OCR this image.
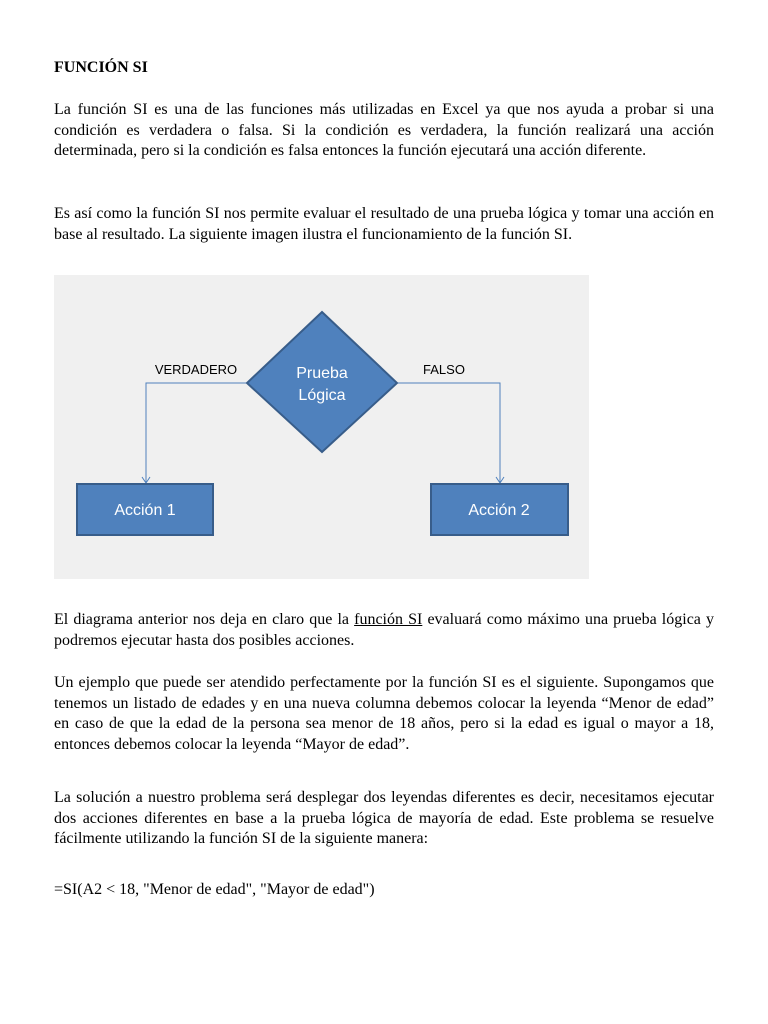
FUNCIÓN SI

La función SI es una de las funciones más utilizadas en Excel ya que nos ayuda a probar si una condición es verdadera o falsa. Si la condición es verdadera, la función realizará una acción determinada, pero si la condición es falsa entonces la función ejecutará una acción diferente.

Es así como la función SI nos permite evaluar el resultado de una prueba lógica y tomar una acción en base al resultado. La siguiente imagen ilustra el funcionamiento de la función SI.

Prueba
Lógica
VERDADERO	FALSO
Acción 1	Acción 2

El diagrama anterior nos deja en claro que la función SI evaluará como máximo una prueba lógica y podremos ejecutar hasta dos posibles acciones.

Un ejemplo que puede ser atendido perfectamente por la función SI es el siguiente. Supongamos que tenemos un listado de edades y en una nueva columna debemos colocar la leyenda “Menor de edad” en caso de que la edad de la persona sea menor de 18 años, pero si la edad es igual o mayor a 18, entonces debemos colocar la leyenda “Mayor de edad”.

La solución a nuestro problema será desplegar dos leyendas diferentes es decir, necesitamos ejecutar dos acciones diferentes en base a la prueba lógica de mayoría de edad. Este problema se resuelve fácilmente utilizando la función SI de la siguiente manera:

=SI(A2 < 18, "Menor de edad", "Mayor de edad")
